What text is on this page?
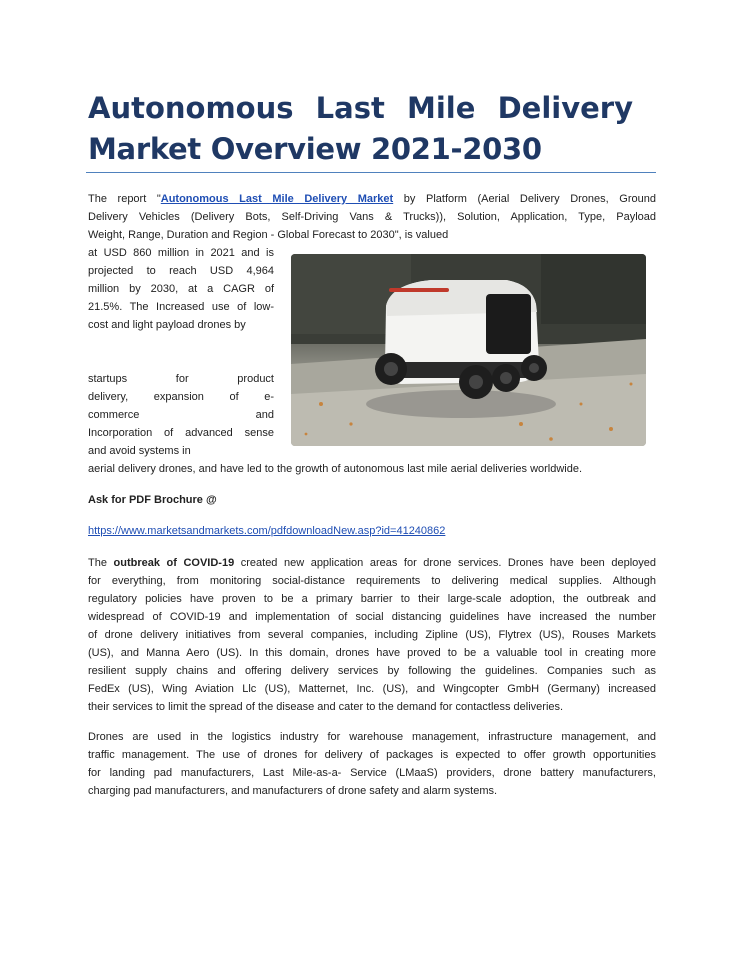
Autonomous Last Mile Delivery
Market Overview 2021-2030
The report "Autonomous Last Mile Delivery Market by Platform (Aerial Delivery Drones, Ground
Delivery Vehicles (Delivery Bots, Self-Driving Vans & Trucks)), Solution, Application, Type, Payload
Weight, Range, Duration and Region - Global Forecast to 2030", is valued
at USD 860 million in 2021 and is
projected to reach USD 4,964
million by 2030, at a CAGR of
21.5%. The Increased use of low-
cost and light payload drones by
startups for product
delivery, expansion of e-
commerce and
Incorporation of advanced sense
and avoid systems in
aerial delivery drones, and have led to the growth of autonomous last mile aerial deliveries worldwide.
Ask for PDF Brochure @
https://www.marketsandmarkets.com/pdfdownloadNew.asp?id=41240862
The outbreak of COVID-19 created new application areas for drone services. Drones have been deployed
for everything, from monitoring social-distance requirements to delivering medical supplies. Although
regulatory policies have proven to be a primary barrier to their large-scale adoption, the outbreak and
widespread of COVID-19 and implementation of social distancing guidelines have increased the number
of drone delivery initiatives from several companies, including Zipline (US), Flytrex (US), Rouses Markets
(US), and Manna Aero (US). In this domain, drones have proved to be a valuable tool in creating more
resilient supply chains and offering delivery services by following the guidelines. Companies such as
FedEx (US), Wing Aviation Llc (US), Matternet, Inc. (US), and Wingcopter GmbH (Germany) increased
their services to limit the spread of the disease and cater to the demand for contactless deliveries.
Drones are used in the logistics industry for warehouse management, infrastructure management, and
traffic management. The use of drones for delivery of packages is expected to offer growth opportunities
for landing pad manufacturers, Last Mile-as-a- Service (LMaaS) providers, drone battery manufacturers,
charging pad manufacturers, and manufacturers of drone safety and alarm systems.
